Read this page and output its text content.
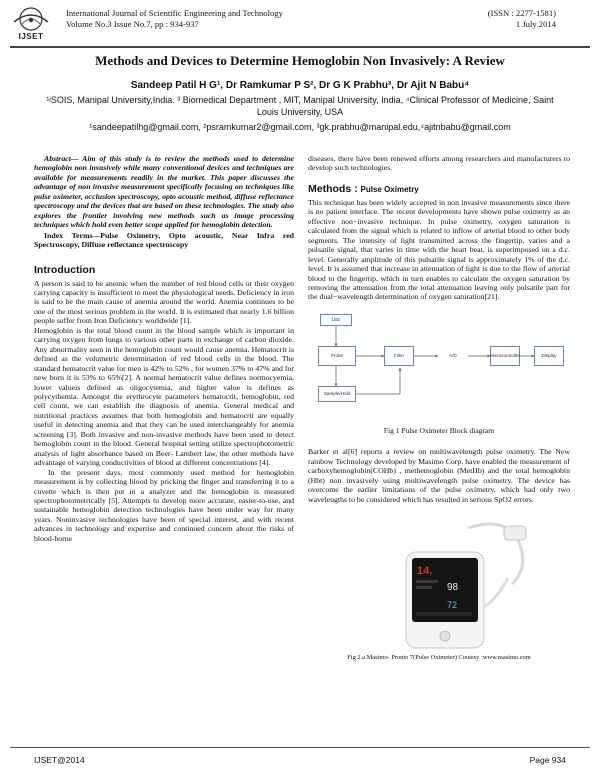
IJSET
International Journal of Scientific Engineering and Technology
Volume No.3 Issue No.7, pp : 934-937
(ISSN : 2277-1581)
1 July 2014
Methods and Devices to Determine Hemoglobin Non Invasively: A Review
Sandeep Patil H G¹, Dr Ramkumar P S², Dr G K Prabhu³, Dr Ajit N Babu⁴
¹ʲSOIS, Manipal University,India. ³ Biomedical Department , MIT, Manipal University, India, ⁴Clinical Professor of Medicine, Saint Louis University, USA
¹sandeepatilhg@gmail.com, ²psramkumar2@gmail.com, ³gk.prabhu@manipal.edu,⁴ajitnbabu@gmail.com

Abstract— Aim of this study is to review the methods used to determine hemoglobin non invasively while many conventional devices and techniques are available for measurements readily in the market. This paper discusses the advantage of non invasive measurement specifically focusing on techniques like pulse oximeter, occlusion spectroscopy, opto acoustic method, diffuse reflectance spectroscopy and the devices that are based on these technologies. The study also explores the frontier involving new methods such as image processing techniques which hold even better scope applied for hemoglobin detection.

Index Terms—Pulse Oximetry, Opto acoustic, Near Infra red Spectroscopy, Diffuse reflectance spectroscopy

Introduction

A person is said to be anemic when the number of red blood cells or their oxygen carrying capacity is insufficient to meet the physiological needs. Deficiency in iron is said to be the main cause of anemia around the world. Anemia continues to be one of the most serious problem in the world. It is estimated that nearly 1.6 billion people suffer from Iron Deficiency worldwide [1].

Hemoglobin is the total blood count in the blood sample which is important in carrying oxygen from lungs to various other parts in exchange of carbon dioxide. Any abnormality seen in the hemoglobin count would cause anemia. Hematocrit is defined as the volumetric determination of red blood cells in the blood. The standard hematocrit value for men is 42% to 52% , for women 37% to 47% and for new born it is 53% to 65%[2]. A normal hematocrit value defines normocyemia, lower valueis defined as oligocytemia, and higher value is defines as polycythemia. Amongst the erythrocyte parameters hematocrit, hemoglobin, red cell count, we can establish the diagnosis of anemia. General medical and nutritional practices assumes that both hemoglobin and hematocrit are equally useful in detecting anemia and that they can be used interchangeably for anemia screening [3]. Both invasive and non-invasive methods have been used to detect hemoglobin count in the blood. General hospital setting utilize spectrophotometric analysis of light absorbance based on Beer- Lambert law, the other methods have advantage of varying conductivities of blood at different concentrations [4].

In the present days, most commonly used method for hemoglobin measurement is by collecting blood by pricking the finger and transferring it to a cuvette which is then put in a analyzer and the hemoglobin is measured spectrophotometrically [5]. Attempts to develop more accurate, easier-to-use, and sustainable hemoglobin detection technologies have been under way for many years. Noninvasive technologies have been of special interest, and with recent advances in technology and expertise and continued concern about the risks of blood-borne

diseases, there have been renewed efforts among researchers and manufacturers to develop such technologies.

Methods : Pulse Oximetry

This technique has been widely accepted in non invasive measurements since there is no patient interface. The recent developments have shown pulse oximetry as an effective non−invasive technique. In pulse oximetry, oxygen saturation is calculated from the signal which is related to inflow of arterial blood to other body segments. The intensity of light transmitted across the fingertip, varies and a pulsatile signal, that varies in time with the heart beat, is superimposed on a d.c. level. Generally amplitude of this pulsatile signal is approximately 1% of the d.c. level. It is assumed that increase in attenuation of light is due to the flow of arterial blood to the fingertip, which in turn enables to calculate the oxygen saturation by removing the attenuation from the total attenuation leaving only pulsatile part for the dual−wavelength determination of oxygen saturation[21].

LED
Probe	Filter	A/D	Microcontroller	Display
Sample/Hold
Fig 1 Pulse Oximeter Block diagram

Barker et al[6] reports a review on multiwavelength pulse oximetry. The New rainbow Technology developed by Masimo Corp. have enabled the measurement of carboxyhemoglobin(COHb) , methemoglobin (MetHb) and the total hemoglobin (Hbt) non invasively using multiwavelength pulse oximetry. The device has overcome the earlier limitations of the pulse oximetry, which had only two wavelengths to be considered which has resulted in serious SpO2 errors.

14.
98
72
Fig 2.a Masimo- Pronto 7(Pulse Oximeter) Coutesy :www.masimo.com
IJSET@2014	Page 934
